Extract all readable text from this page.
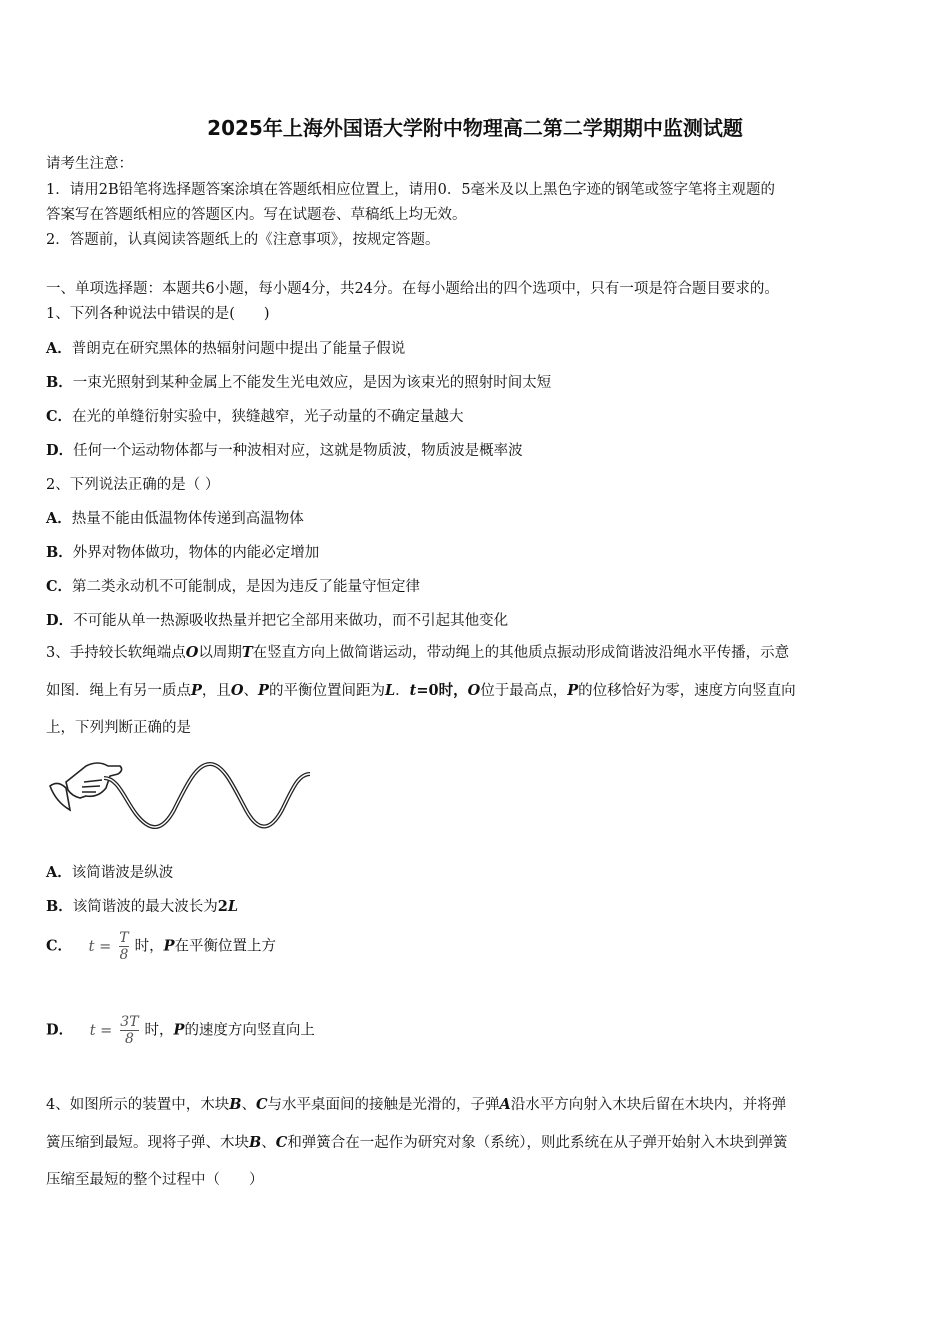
2025年上海外国语大学附中物理高二第二学期期中监测试题
请考生注意：
1．请用2B铅笔将选择题答案涂填在答题纸相应位置上，请用0．5毫米及以上黑色字迹的钢笔或签字笔将主观题的
答案写在答题纸相应的答题区内。写在试题卷、草稿纸上均无效。
2．答题前，认真阅读答题纸上的《注意事项》，按规定答题。
一、单项选择题：本题共6小题，每小题4分，共24分。在每小题给出的四个选项中，只有一项是符合题目要求的。
1、下列各种说法中错误的是(　　)
A．普朗克在研究黑体的热辐射问题中提出了能量子假说
B．一束光照射到某种金属上不能发生光电效应，是因为该束光的照射时间太短
C．在光的单缝衍射实验中，狭缝越窄，光子动量的不确定量越大
D．任何一个运动物体都与一种波相对应，这就是物质波，物质波是概率波
2、下列说法正确的是（ ）
A．热量不能由低温物体传递到高温物体
B．外界对物体做功，物体的内能必定增加
C．第二类永动机不可能制成，是因为违反了能量守恒定律
D．不可能从单一热源吸收热量并把它全部用来做功，而不引起其他变化
3、手持较长软绳端点O以周期T在竖直方向上做简谐运动，带动绳上的其他质点振动形成简谐波沿绳水平传播，示意
如图．绳上有另一质点P，且O、P的平衡位置间距为L．t=0时，O位于最高点，P的位移恰好为零，速度方向竖直向
上，下列判断正确的是
A．该简谐波是纵波
B．该简谐波的最大波长为2L
C． $t = \frac{T}{8}$ 时，P在平衡位置上方
D． $t = \frac{3T}{8}$ 时，P的速度方向竖直向上
4、如图所示的装置中，木块B、C与水平桌面间的接触是光滑的，子弹A沿水平方向射入木块后留在木块内，并将弹
簧压缩到最短。现将子弹、木块B、C和弹簧合在一起作为研究对象（系统），则此系统在从子弹开始射入木块到弹簧
压缩至最短的整个过程中（　　）
